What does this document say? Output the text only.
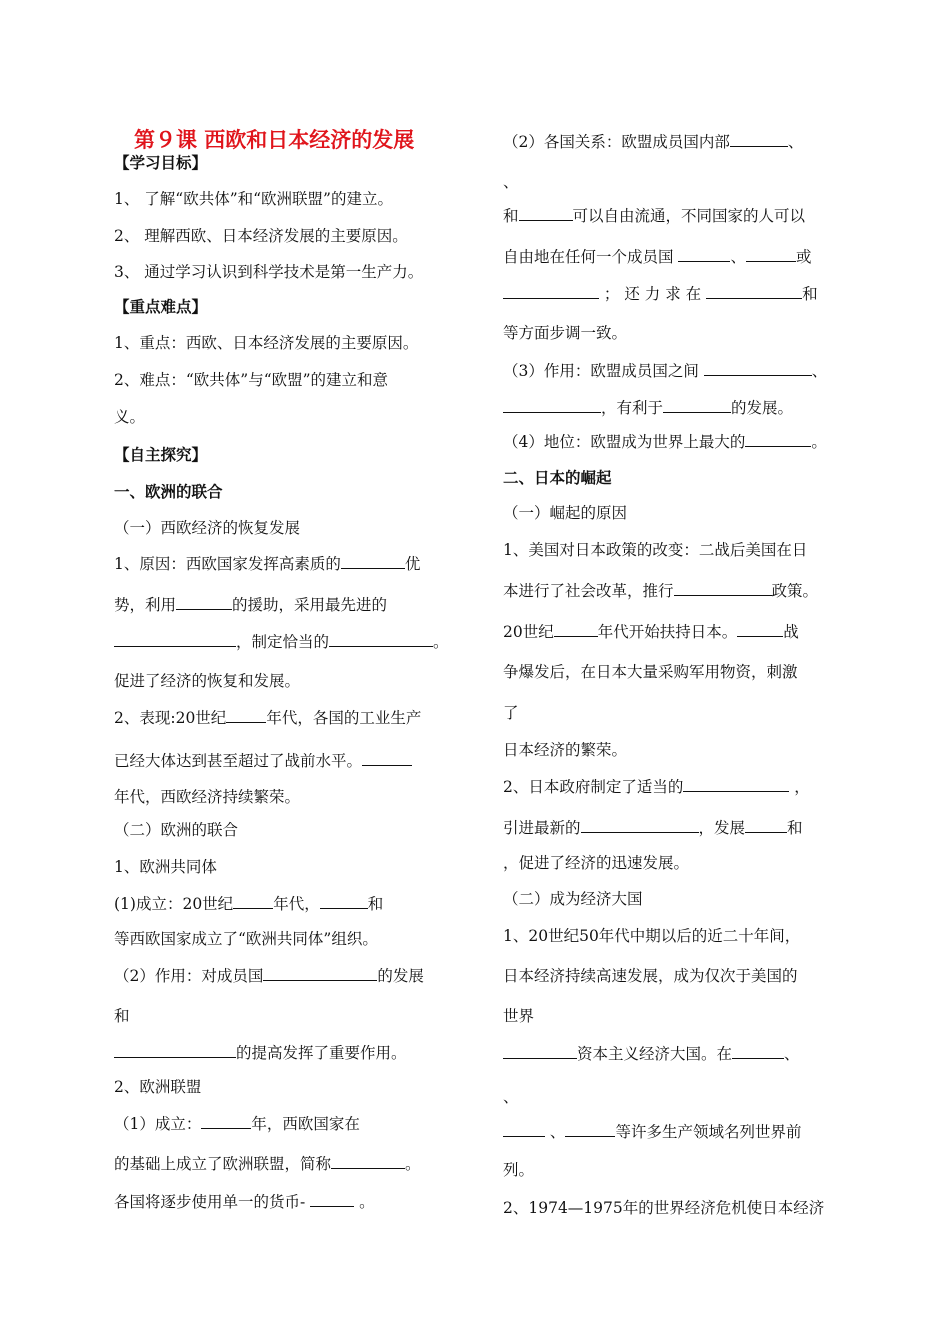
第９课 西欧和日本经济的发展
【学习目标】
1、 了解“欧共体”和“欧洲联盟”的建立。
2、 理解西欧、日本经济发展的主要原因。
3、 通过学习认识到科学技术是第一生产力。
【重点难点】
1、重点：西欧、日本经济发展的主要原因。
2、难点：“欧共体”与“欧盟”的建立和意
义。
【自主探究】
一、欧洲的联合
（一）西欧经济的恢复发展
1、原因：西欧国家发挥高素质的	优
势，利用	的援助，采用最先进的
，制定恰当的	。
促进了经济的恢复和发展。
2、表现:20世纪	年代，各国的工业生产
已经大体达到甚至超过了战前水平。
年代，西欧经济持续繁荣。
（二）欧洲的联合
1、欧洲共同体
(1)成立：20世纪	年代，	和
等西欧国家成立了“欧洲共同体”组织。
（2）作用：对成员国	的发展
和
的提高发挥了重要作用。
2、欧洲联盟
（1）成立：	年，西欧国家在
的基础上成立了欧洲联盟，简称	。
各国将逐步使用单一的货币-	。
（2）各国关系：欧盟成员国内部	、
、
和	可以自由流通，不同国家的人可以
自由地在任何一个成员国	、	或
； 还 力 求 在	和
等方面步调一致。
（3）作用：欧盟成员国之间	、
，有利于	的发展。
（4）地位：欧盟成为世界上最大的	。
二、日本的崛起
（一）崛起的原因
1、美国对日本政策的改变：二战后美国在日
本进行了社会改革，推行	政策。
20世纪	年代开始扶持日本。	战
争爆发后，在日本大量采购军用物资，刺激
了
日本经济的繁荣。
2、日本政府制定了适当的	，
引进最新的	，发展	和
，促进了经济的迅速发展。
（二）成为经济大国
1、20世纪50年代中期以后的近二十年间，
日本经济持续高速发展，成为仅次于美国的
世界
资本主义经济大国。在	、
、
、	等许多生产领域名列世界前
列。
2、1974—1975年的世界经济危机使日本经济
